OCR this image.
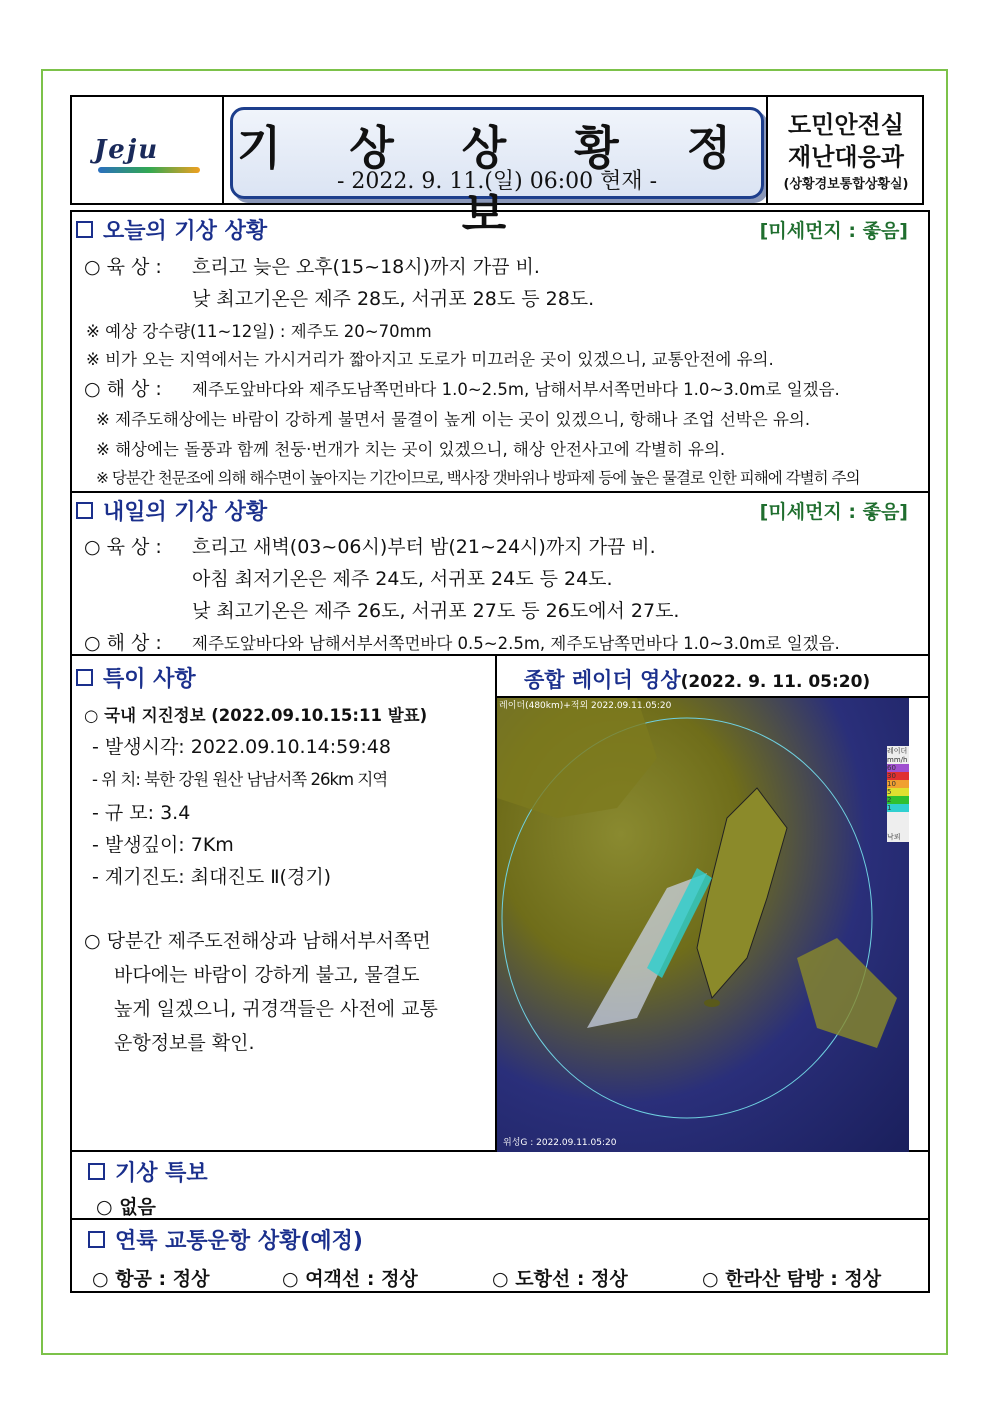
Jeju 기 상 상 황 정 보
- 2022. 9. 11.(일) 06:00 현재 -
도민안전실
재난대응과
(상황경보통합상황실)
오늘의 기상 상황	[미세먼지 : 좋음]
○ 육 상 : 흐리고 늦은 오후(15~18시)까지 가끔 비.
낮 최고기온은 제주 28도, 서귀포 28도 등 28도.
※ 예상 강수량(11~12일) : 제주도 20~70mm
※ 비가 오는 지역에서는 가시거리가 짧아지고 도로가 미끄러운 곳이 있겠으니, 교통안전에 유의.
○ 해 상 : 제주도앞바다와 제주도남쪽먼바다 1.0~2.5m, 남해서부서쪽먼바다 1.0~3.0m로 일겠음.
※ 제주도해상에는 바람이 강하게 불면서 물결이 높게 이는 곳이 있겠으니, 항해나 조업 선박은 유의.
※ 해상에는 돌풍과 함께 천둥·번개가 치는 곳이 있겠으니, 해상 안전사고에 각별히 유의.
※ 당분간 천문조에 의해 해수면이 높아지는 기간이므로, 백사장 갯바위나 방파제 등에 높은 물결로 인한 피해에 각별히 주의
내일의 기상 상황	[미세먼지 : 좋음]
○ 육 상 : 흐리고 새벽(03~06시)부터 밤(21~24시)까지 가끔 비.
아침 최저기온은 제주 24도, 서귀포 24도 등 24도.
낮 최고기온은 제주 26도, 서귀포 27도 등 26도에서 27도.
○ 해 상 : 제주도앞바다와 남해서부서쪽먼바다 0.5~2.5m, 제주도남쪽먼바다 1.0~3.0m로 일겠음.
특이 사항
○ 국내 지진정보 (2022.09.10.15:11 발표)
- 발생시각: 2022.09.10.14:59:48
- 위 치: 북한 강원 원산 남남서쪽 26km 지역
- 규 모: 3.4
- 발생깊이: 7Km
- 계기진도: 최대진도 Ⅱ(경기)
○ 당분간 제주도전해상과 남해서부서쪽먼
바다에는 바람이 강하게 불고, 물결도
높게 일겠으니, 귀경객들은 사전에 교통
운항정보를 확인.
종합 레이더 영상(2022. 9. 11. 05:20)
레이더(480km)+적외 2022.09.11.05:20
위성G : 2022.09.11.05:20
레이더
mm/h
60
30
10
5
2
1
낙뢰
기상 특보
○ 없음
연륙 교통운항 상황(예정)
○ 항공 : 정상	○ 여객선 : 정상	○ 도항선 : 정상	○ 한라산 탐방 : 정상
